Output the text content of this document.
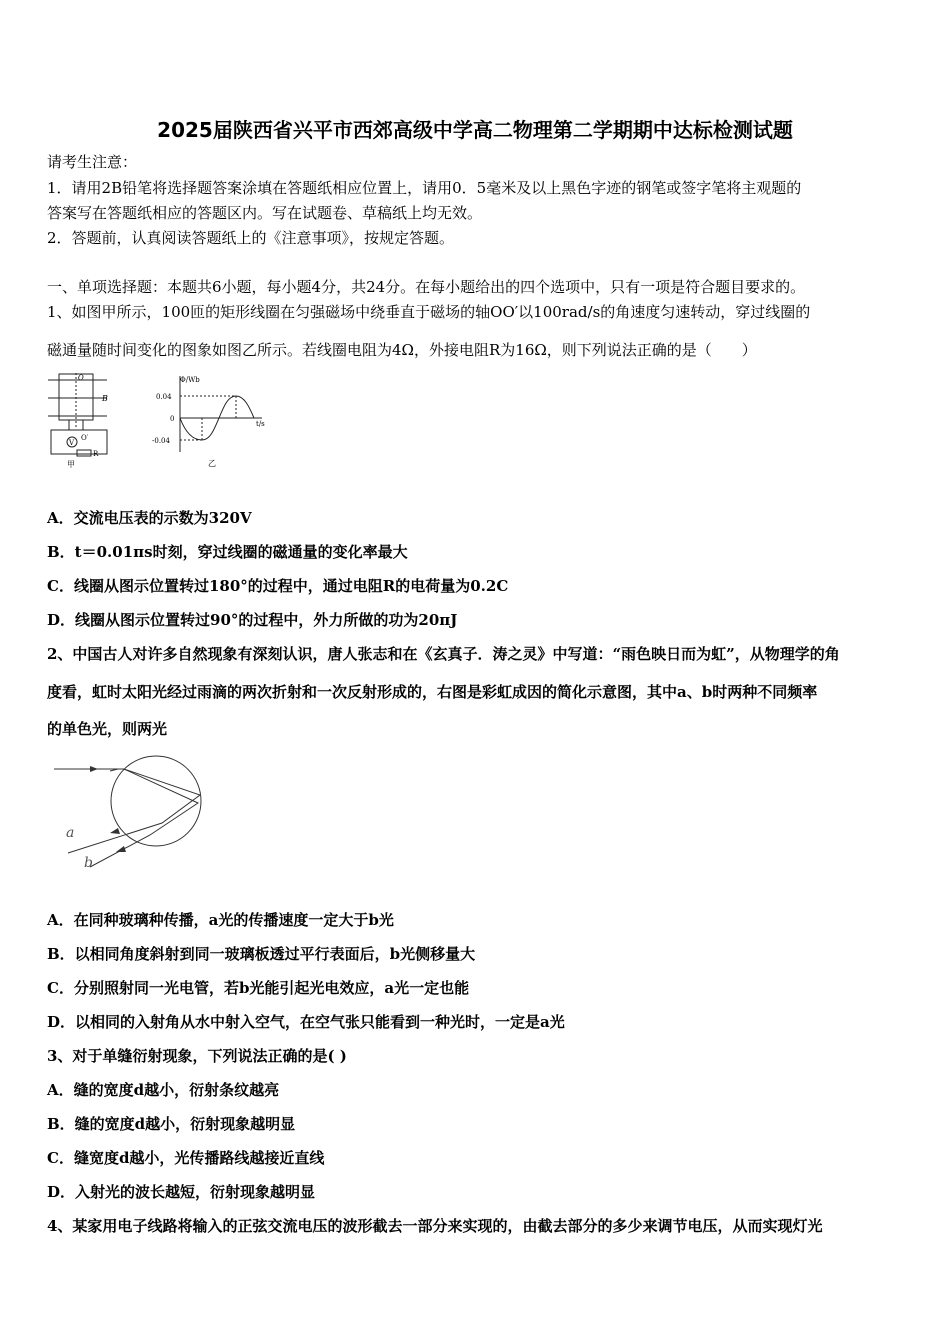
2025届陕西省兴平市西郊高级中学高二物理第二学期期中达标检测试题
请考生注意：
1．请用2B铅笔将选择题答案涂填在答题纸相应位置上，请用0．5毫米及以上黑色字迹的钢笔或签字笔将主观题的
答案写在答题纸相应的答题区内。写在试题卷、草稿纸上均无效。
2．答题前，认真阅读答题纸上的《注意事项》，按规定答题。
一、单项选择题：本题共6小题，每小题4分，共24分。在每小题给出的四个选项中，只有一项是符合题目要求的。
1、如图甲所示，100匝的矩形线圈在匀强磁场中绕垂直于磁场的轴OO′以100rad/s的角速度匀速转动，穿过线圈的
磁通量随时间变化的图象如图乙所示。若线圈电阻为4Ω，外接电阻R为16Ω，则下列说法正确的是（　　）
O
B
V
O′
R
甲
Φ/Wb
t/s
0.04
0
-0.04
乙
A．交流电压表的示数为320V
B．t＝0.01πs时刻，穿过线圈的磁通量的变化率最大
C．线圈从图示位置转过180°的过程中，通过电阻R的电荷量为0.2C
D．线圈从图示位置转过90°的过程中，外力所做的功为20πJ
2、中国古人对许多自然现象有深刻认识，唐人张志和在《玄真子．涛之灵》中写道：“雨色映日而为虹”，从物理学的角
度看，虹时太阳光经过雨滴的两次折射和一次反射形成的，右图是彩虹成因的简化示意图，其中a、b时两种不同频率
的单色光，则两光
a
b
A．在同种玻璃种传播，a光的传播速度一定大于b光
B．以相同角度斜射到同一玻璃板透过平行表面后，b光侧移量大
C．分别照射同一光电管，若b光能引起光电效应，a光一定也能
D．以相同的入射角从水中射入空气，在空气张只能看到一种光时，一定是a光
3、对于单缝衍射现象，下列说法正确的是( )
A．缝的宽度d越小，衍射条纹越亮
B．缝的宽度d越小，衍射现象越明显
C．缝宽度d越小，光传播路线越接近直线
D．入射光的波长越短，衍射现象越明显
4、某家用电子线路将输入的正弦交流电压的波形截去一部分来实现的，由截去部分的多少来调节电压，从而实现灯光
